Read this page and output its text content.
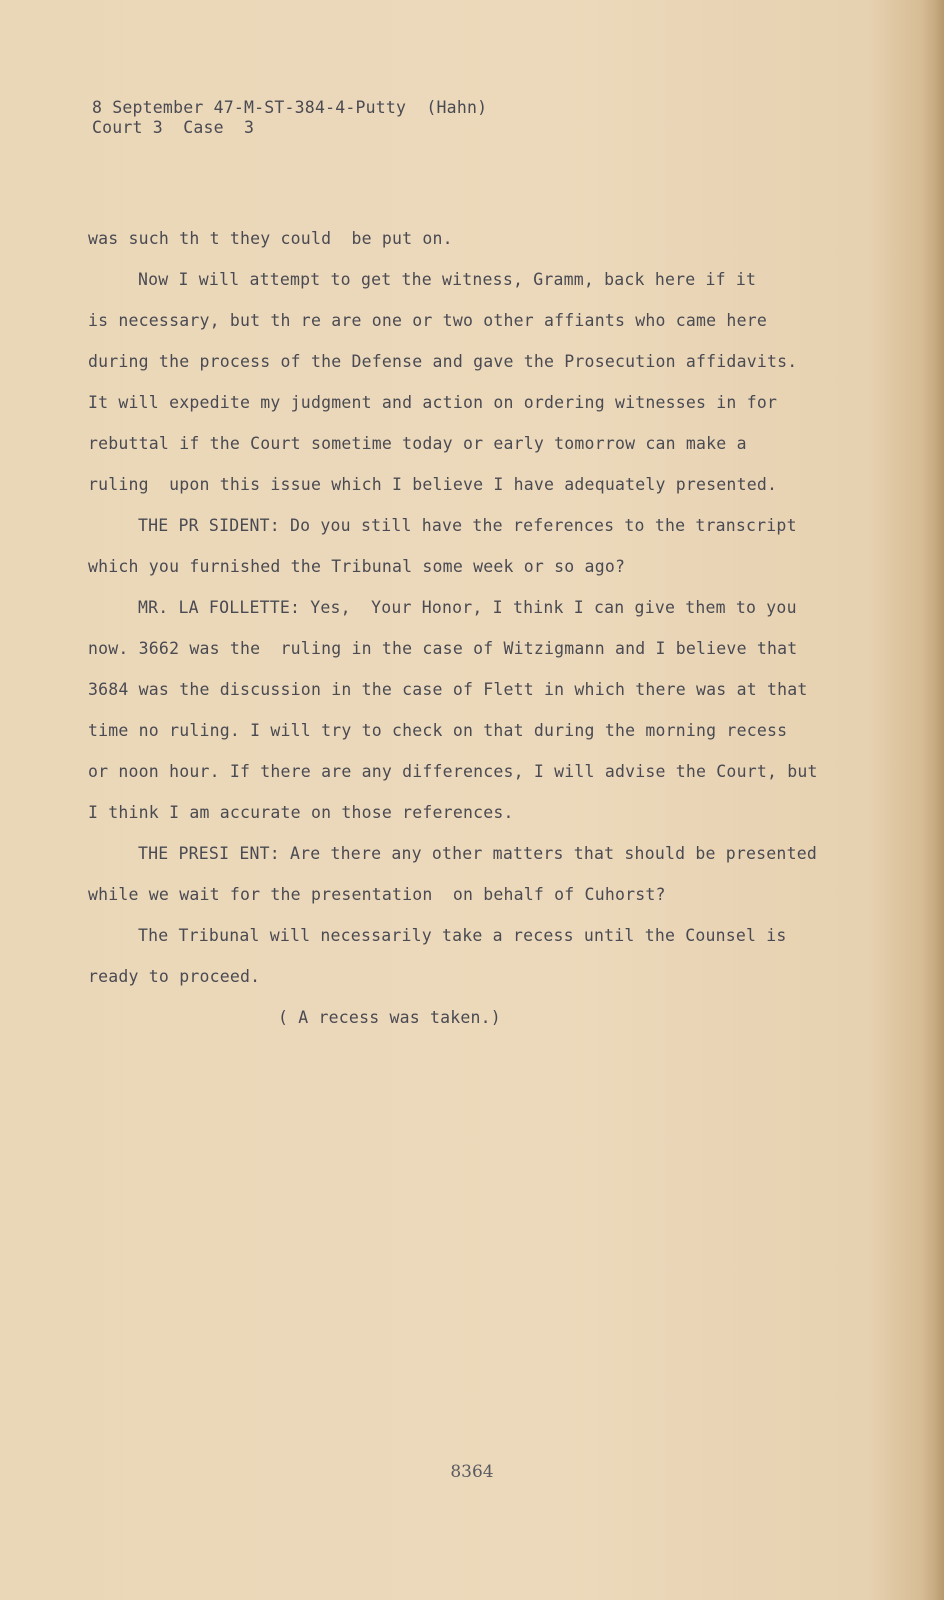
8 September 47-M-ST-384-4-Putty  (Hahn)
Court 3  Case  3
was such th t they could  be put on.
Now I will attempt to get the witness, Gramm, back here if it
is necessary, but th re are one or two other affiants who came here
during the process of the Defense and gave the Prosecution affidavits.
It will expedite my judgment and action on ordering witnesses in for
rebuttal if the Court sometime today or early tomorrow can make a
ruling  upon this issue which I believe I have adequately presented.
THE PR SIDENT: Do you still have the references to the transcript
which you furnished the Tribunal some week or so ago?
MR. LA FOLLETTE: Yes,  Your Honor, I think I can give them to you
now. 3662 was the  ruling in the case of Witzigmann and I believe that
3684 was the discussion in the case of Flett in which there was at that
time no ruling. I will try to check on that during the morning recess
or noon hour. If there are any differences, I will advise the Court, but
I think I am accurate on those references.
THE PRESI ENT: Are there any other matters that should be presented
while we wait for the presentation  on behalf of Cuhorst?
The Tribunal will necessarily take a recess until the Counsel is
ready to proceed.
( A recess was taken.)
8364
